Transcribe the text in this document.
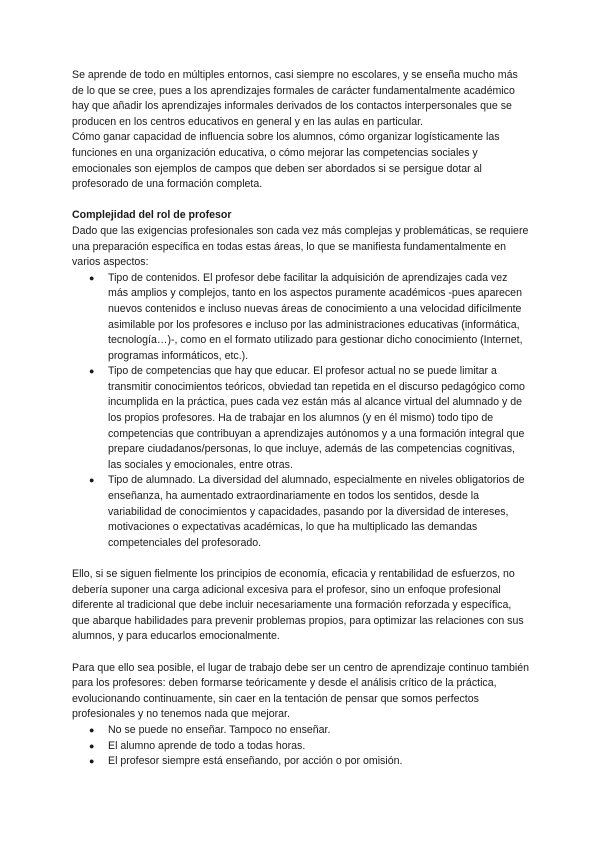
Se aprende de todo en múltiples entornos, casi siempre no escolares, y se enseña mucho más de lo que se cree, pues a los aprendizajes formales de carácter fundamentalmente académico hay que añadir los aprendizajes informales derivados de los contactos interpersonales que se producen en los centros educativos en general y en las aulas en particular.

Cómo ganar capacidad de influencia sobre los alumnos, cómo organizar logísticamente las funciones en una organización educativa, o cómo mejorar las competencias sociales y emocionales son ejemplos de campos que deben ser abordados si se persigue dotar al profesorado de una formación completa.

Complejidad del rol de profesor

Dado que las exigencias profesionales son cada vez más complejas y problemáticas, se requiere una preparación específica en todas estas áreas, lo que se manifiesta fundamentalmente en varios aspectos:

● Tipo de contenidos. El profesor debe facilitar la adquisición de aprendizajes cada vez más amplios y complejos, tanto en los aspectos puramente académicos -pues aparecen nuevos contenidos e incluso nuevas áreas de conocimiento a una velocidad difícilmente asimilable por los profesores e incluso por las administraciones educativas (informática, tecnología…)-, como en el formato utilizado para gestionar dicho conocimiento (Internet, programas informáticos, etc.).
● Tipo de competencias que hay que educar. El profesor actual no se puede limitar a transmitir conocimientos teóricos, obviedad tan repetida en el discurso pedagógico como incumplida en la práctica, pues cada vez están más al alcance virtual del alumnado y de los propios profesores. Ha de trabajar en los alumnos (y en él mismo) todo tipo de competencias que contribuyan a aprendizajes autónomos y a una formación integral que prepare ciudadanos/personas, lo que incluye, además de las competencias cognitivas, las sociales y emocionales, entre otras.
● Tipo de alumnado. La diversidad del alumnado, especialmente en niveles obligatorios de enseñanza, ha aumentado extraordinariamente en todos los sentidos, desde la variabilidad de conocimientos y capacidades, pasando por la diversidad de intereses, motivaciones o expectativas académicas, lo que ha multiplicado las demandas competenciales del profesorado.

Ello, si se siguen fielmente los principios de economía, eficacia y rentabilidad de esfuerzos, no debería suponer una carga adicional excesiva para el profesor, sino un enfoque profesional diferente al tradicional que debe incluir necesariamente una formación reforzada y específica, que abarque habilidades para prevenir problemas propios, para optimizar las relaciones con sus alumnos, y para educarlos emocionalmente.

Para que ello sea posible, el lugar de trabajo debe ser un centro de aprendizaje continuo también para los profesores: deben formarse teóricamente y desde el análisis crítico de la práctica, evolucionando continuamente, sin caer en la tentación de pensar que somos perfectos profesionales y no tenemos nada que mejorar.

● No se puede no enseñar. Tampoco no enseñar.
● El alumno aprende de todo a todas horas.
● El profesor siempre está enseñando, por acción o por omisión.
